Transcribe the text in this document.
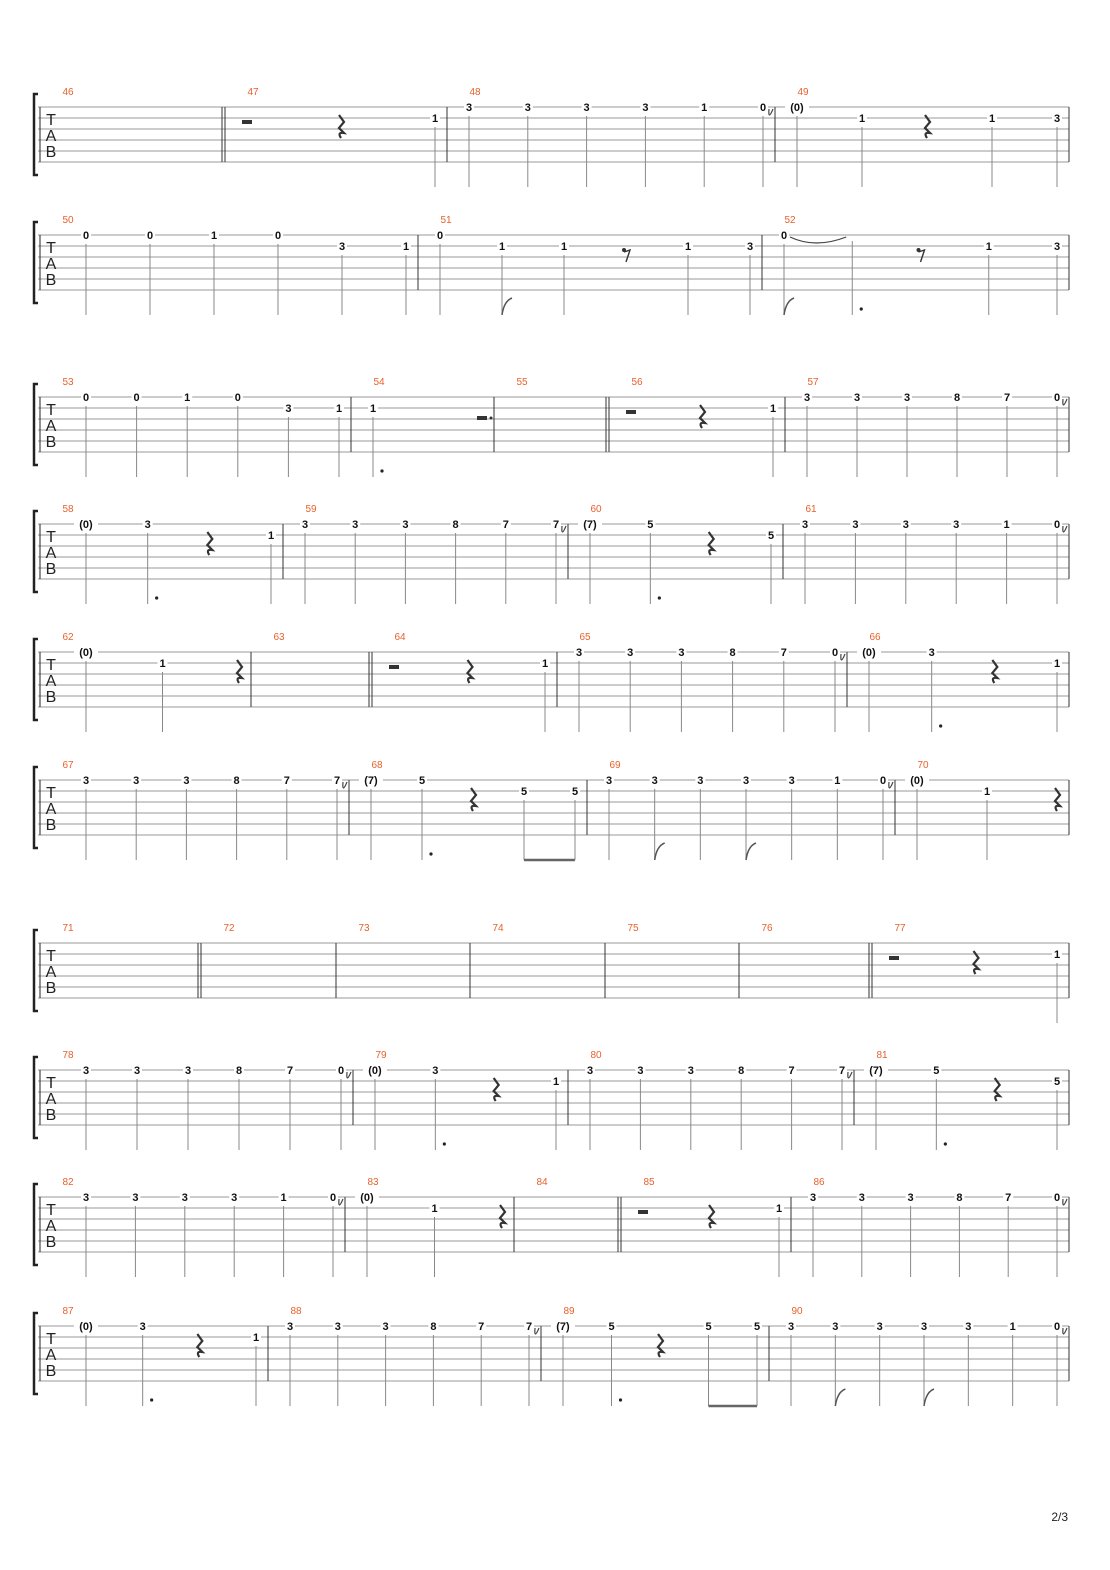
T
A
B
46	47
1
48
3	3	3	3	1	0
49
(0)
1	1	3
T
A
B
50
0	0	1	0
3	1
51
0
1	1	1	3
52
0
1	3
T
A
B
53
0	0	1	0
3	1
54
1
55	56
1
57
3	3	3	8	7	0
T
A
B
58
(0)	3
1
59
3	3	3	8	7	7
60
(7)	5
5
61
3	3	3	3	1	0
T
A
B
62
(0)
1
63	64
1
65
3	3	3	8	7	0
66
(0)	3
1
T
A
B
67
3	3	3	8	7	7
68
(7)	5
5	5
69
3	3	3	3	3	1	0
70
(0)
1
T
A
B
71	72	73	74	75	76	77
1
T
A
B
78
3	3	3	8	7	0
79
(0)	3
1
80
3	3	3	8	7	7
81
(7)	5
5
T
A
B
82
3	3	3	3	1	0
83
(0)
1
84	85
1
86
3	3	3	8	7	0
T
A
B
87
(0)	3
1
88
3	3	3	8	7	7
89
(7)	5	5	5
90
3	3	3	3	3	1	0
2/3
